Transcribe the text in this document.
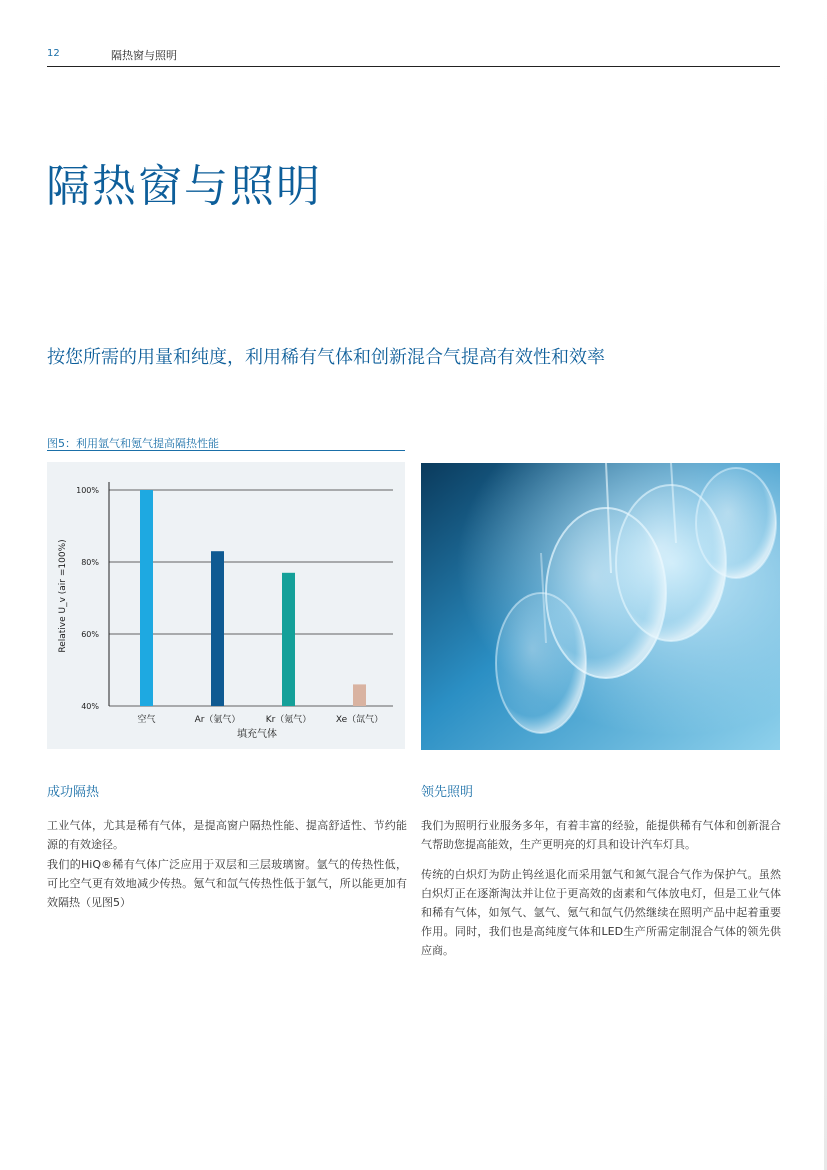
12	隔热窗与照明
隔热窗与照明
按您所需的用量和纯度，利用稀有气体和创新混合气提高有效性和效率
图5：利用氩气和氪气提高隔热性能
40%
60%
80%
100%
空气	Ar（氩气）	Kr（氪气）	Xe（氙气）
填充气体
Relative U_v (air =100%)
成功隔热	领先照明

工业气体，尤其是稀有气体，是提高窗户隔热性能、提高舒适性、节约能源的有效途径。

我们的HiQ®稀有气体广泛应用于双层和三层玻璃窗。氩气的传热性低，可比空气更有效地减少传热。氪气和氙气传热性低于氩气，所以能更加有效隔热（见图5）

我们为照明行业服务多年，有着丰富的经验，能提供稀有气体和创新混合气帮助您提高能效，生产更明亮的灯具和设计汽车灯具。

传统的白炽灯为防止钨丝退化而采用氩气和氮气混合气作为保护气。虽然白炽灯正在逐渐淘汰并让位于更高效的卤素和气体放电灯，但是工业气体和稀有气体，如氖气、氩气、氪气和氙气仍然继续在照明产品中起着重要作用。同时，我们也是高纯度气体和LED生产所需定制混合气体的领先供应商。
